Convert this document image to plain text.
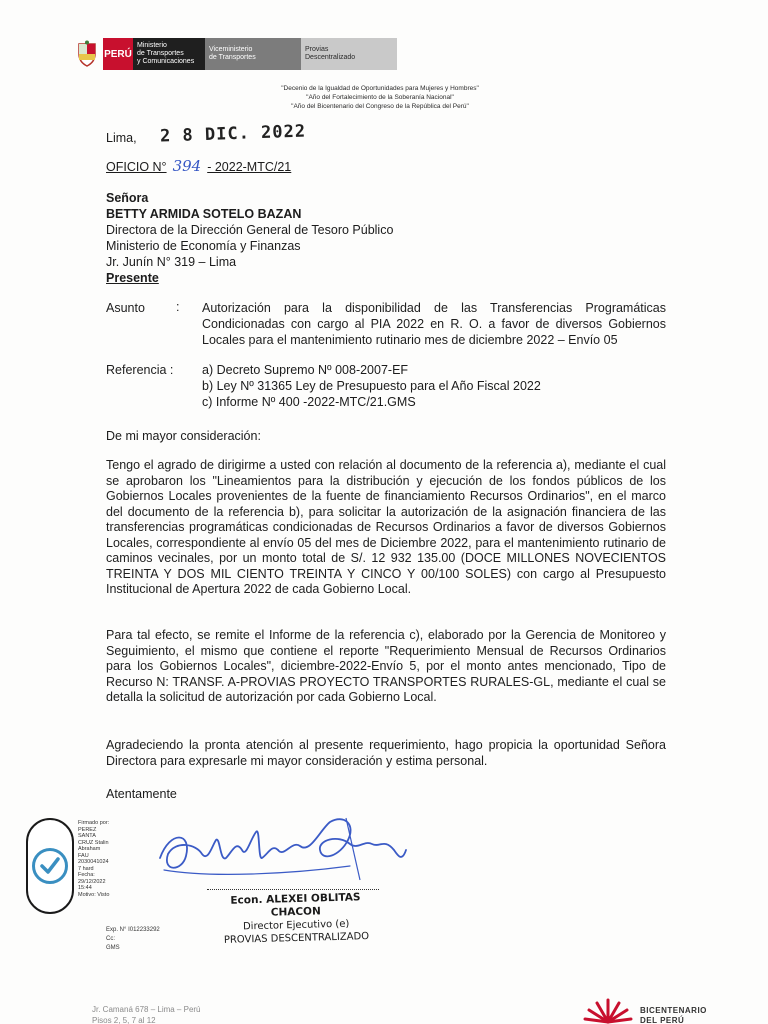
PERÚ
Ministerio
de Transportes
y Comunicaciones
Viceministerio
de Transportes
Provias
Descentralizado
"Decenio de la Igualdad de Oportunidades para Mujeres y Hombres"
"Año del Fortalecimiento de la Soberanía Nacional"
"Año del Bicentenario del Congreso de la República del Perú"
Lima, 2 8 DIC. 2022
OFICIO N° 394 - 2022-MTC/21
Señora
BETTY ARMIDA SOTELO BAZAN
Directora de la Dirección General de Tesoro Público
Ministerio de Economía y Finanzas
Jr. Junín N° 319 – Lima
Presente
Asunto : Autorización para la disponibilidad de las Transferencias Programáticas Condicionadas con cargo al PIA 2022 en R. O. a favor de diversos Gobiernos Locales para el mantenimiento rutinario mes de diciembre 2022 – Envío 05
Referencia : a) Decreto Supremo Nº 008-2007-EF
b) Ley Nº 31365 Ley de Presupuesto para el Año Fiscal 2022
c) Informe Nº 400 -2022-MTC/21.GMS
De mi mayor consideración:
Tengo el agrado de dirigirme a usted con relación al documento de la referencia a), mediante el cual se aprobaron los "Lineamientos para la distribución y ejecución de los fondos públicos de los Gobiernos Locales provenientes de la fuente de financiamiento Recursos Ordinarios", en el marco del documento de la referencia b), para solicitar la autorización de la asignación financiera de las transferencias programáticas condicionadas de Recursos Ordinarios a favor de diversos Gobiernos Locales, correspondiente al envío 05 del mes de Diciembre 2022, para el mantenimiento rutinario de caminos vecinales, por un monto total de S/. 12 932 135.00 (DOCE MILLONES NOVECIENTOS TREINTA Y DOS MIL CIENTO TREINTA Y CINCO Y 00/100 SOLES) con cargo al Presupuesto Institucional de Apertura 2022 de cada Gobierno Local.
Para tal efecto, se remite el Informe de la referencia c), elaborado por la Gerencia de Monitoreo y Seguimiento, el mismo que contiene el reporte "Requerimiento Mensual de Recursos Ordinarios para los Gobiernos Locales", diciembre-2022-Envío 5, por el monto antes mencionado, Tipo de Recurso N: TRANSF. A-PROVIAS PROYECTO TRANSPORTES RURALES-GL, mediante el cual se detalla la solicitud de autorización por cada Gobierno Local.
Agradeciendo la pronta atención al presente requerimiento, hago propicia la oportunidad Señora Directora para expresarle mi mayor consideración y estima personal.
Atentamente
Firmado por:
PEREZ
SANTA
CRUZ Stalin
Abraham
FAU
2030041024
7 hard
Fecha:
29/12/2022
15:44
Motivo: Visto	Econ. ALEXEI OBLITAS CHACON
Director Ejecutivo (e)
PROVIAS DESCENTRALIZADO
Exp. N° I012233292
Cc:
GMS
Jr. Camaná 678 – Lima – Perú
Pisos 2, 5, 7 al 12
BICENTENARIO
DEL PERÚ
